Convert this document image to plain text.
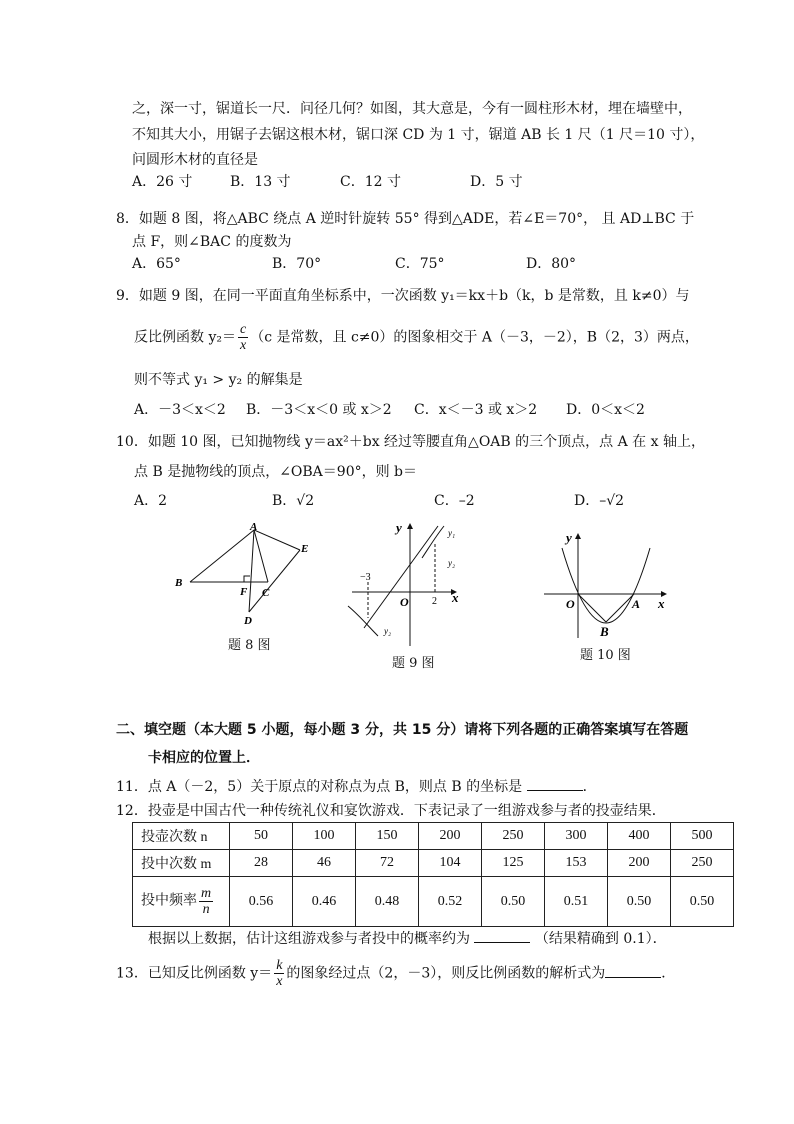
之，深一寸，锯道长一尺．问径几何？如图，其大意是，今有一圆柱形木材，埋在墙壁中，
不知其大小，用锯子去锯这根木材，锯口深 CD 为 1 寸，锯道 AB 长 1 尺（1 尺＝10 寸），
问圆形木材的直径是
A．26 寸	B．13 寸	C．12 寸	D．5 寸
8．如题 8 图，将△ABC 绕点 A 逆时针旋转 55° 得到△ADE，若∠E＝70°， 且 AD⊥BC 于
点 F，则∠BAC 的度数为
A．65°	B．70°	C．75°	D．80°
9．如题 9 图，在同一平面直角坐标系中，一次函数 y₁＝kx＋b（k，b 是常数，且 k≠0）与
反比例函数 $y_2= \frac{c}{x} (c$ 是常数，且 c≠0）的图象相交于 A（－3，－2），B（2，3）两点，
则不等式 y₁ > y₂ 的解集是
A．－3＜x＜2 B．－3＜x＜0 或 x＞2 C．x＜－3 或 x＞2 D．0＜x＜2
10．如题 10 图，已知抛物线 y＝ax²＋bx 经过等腰直角△OAB 的三个顶点，点 A 在 x 轴上，
点 B 是抛物线的顶点，∠OBA＝90°，则 b＝
A．2	B．√2	C．–2	D．–√2
A
B
C
D
E
F
题 8 图
y
x
O
−3
2
y₁
y₂
y₂
题 9 图
y
x
O	A
B
题 10 图
二、填空题（本大题 5 小题，每小题 3 分，共 15 分）请将下列各题的正确答案填写在答题
卡相应的位置上．
11．点 A（－2，5）关于原点的对称点为点 B，则点 B 的坐标是	．
12．投壶是中国古代一种传统礼仪和宴饮游戏．下表记录了一组游戏参与者的投壶结果．
投壶次数 n	50	100	150	200	250	300	400	500
投中次数 m	28	46	72	104	125	153	200	250
投中频率 $\frac{m}{n}$	0.56	0.46	0.48	0.52	0.50	0.51	0.50	0.50
根据以上数据，估计这组游戏参与者投中的概率约为	（结果精确到 0.1）．
13．已知反比例函数 $y= \frac{k}{x}$ 的图象经过点（2，－3），则反比例函数的解析式为	．
